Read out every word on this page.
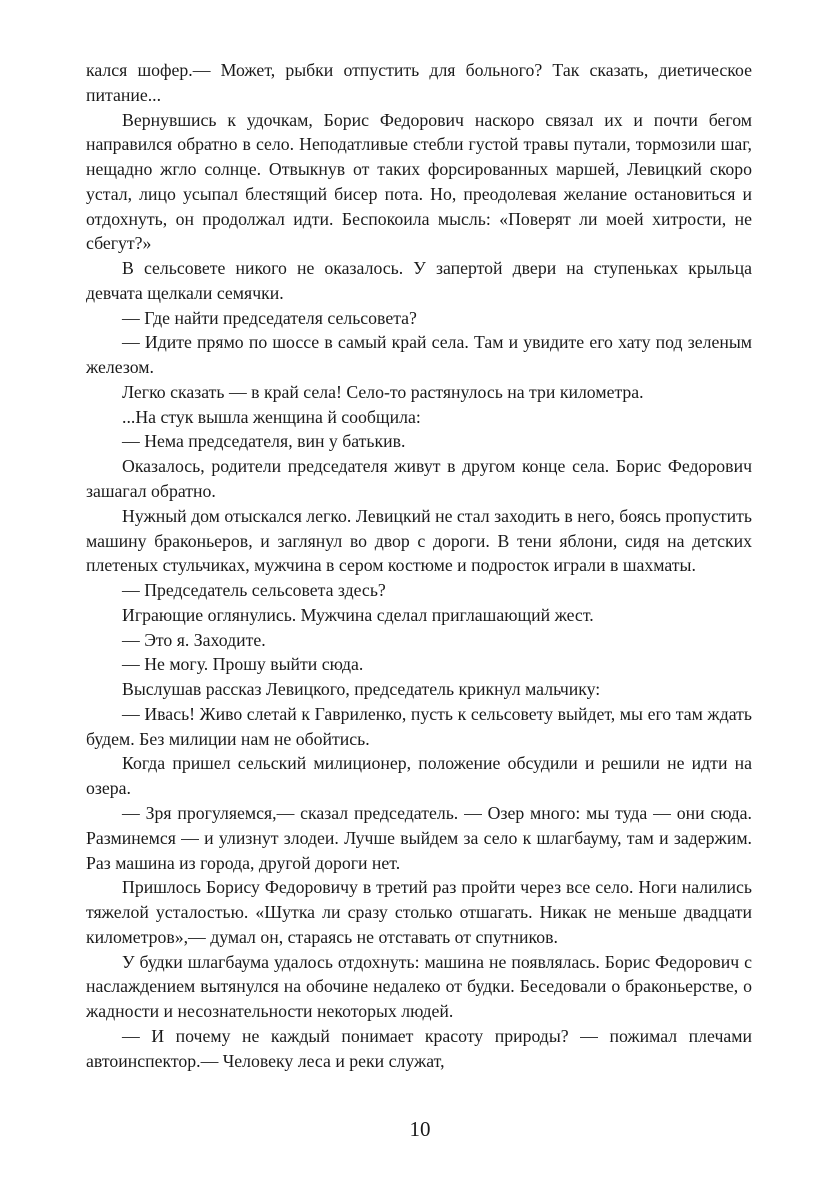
кался шофер.— Может, рыбки отпустить для больного? Так сказать, диетическое питание...

Вернувшись к удочкам, Борис Федорович наскоро связал их и почти бегом направился обратно в село. Неподатливые стебли густой травы путали, тормозили шаг, нещадно жгло солнце. Отвыкнув от таких форсированных маршей, Левицкий скоро устал, лицо усыпал блестящий бисер пота. Но, преодолевая желание остановиться и отдохнуть, он продолжал идти. Беспокоила мысль: «Поверят ли моей хитрости, не сбегут?»

В сельсовете никого не оказалось. У запертой двери на ступеньках крыльца девчата щелкали семячки.

— Где найти председателя сельсовета?

— Идите прямо по шоссе в самый край села. Там и увидите его хату под зеленым железом.

Легко сказать — в край села! Село-то растянулось на три километра.

...На стук вышла женщина й сообщила:

— Нема председателя, вин у батькив.

Оказалось, родители председателя живут в другом конце села. Борис Федорович зашагал обратно.

Нужный дом отыскался легко. Левицкий не стал заходить в него, боясь пропустить машину браконьеров, и заглянул во двор с дороги. В тени яблони, сидя на детских плетеных стульчиках, мужчина в сером костюме и подросток играли в шахматы.

— Председатель сельсовета здесь?

Играющие оглянулись. Мужчина сделал приглашающий жест.

— Это я. Заходите.

— Не могу. Прошу выйти сюда.

Выслушав рассказ Левицкого, председатель крикнул мальчику:

— Ивась! Живо слетай к Гавриленко, пусть к сельсовету выйдет, мы его там ждать будем. Без милиции нам не обойтись.

Когда пришел сельский милиционер, положение обсудили и решили не идти на озера.

— Зря прогуляемся,— сказал председатель. — Озер много: мы туда — они сюда. Разминемся — и улизнут злодеи. Лучше выйдем за село к шлагбауму, там и задержим. Раз машина из города, другой дороги нет.

Пришлось Борису Федоровичу в третий раз пройти через все село. Ноги налились тяжелой усталостью. «Шутка ли сразу столько отшагать. Никак не меньше двадцати километров»,— думал он, стараясь не отставать от спутников.

У будки шлагбаума удалось отдохнуть: машина не появлялась. Борис Федорович с наслаждением вытянулся на обочине недалеко от будки. Беседовали о браконьерстве, о жадности и несознательности некоторых людей.

— И почему не каждый понимает красоту природы? — пожимал плечами автоинспектор.— Человеку леса и реки служат,

10
